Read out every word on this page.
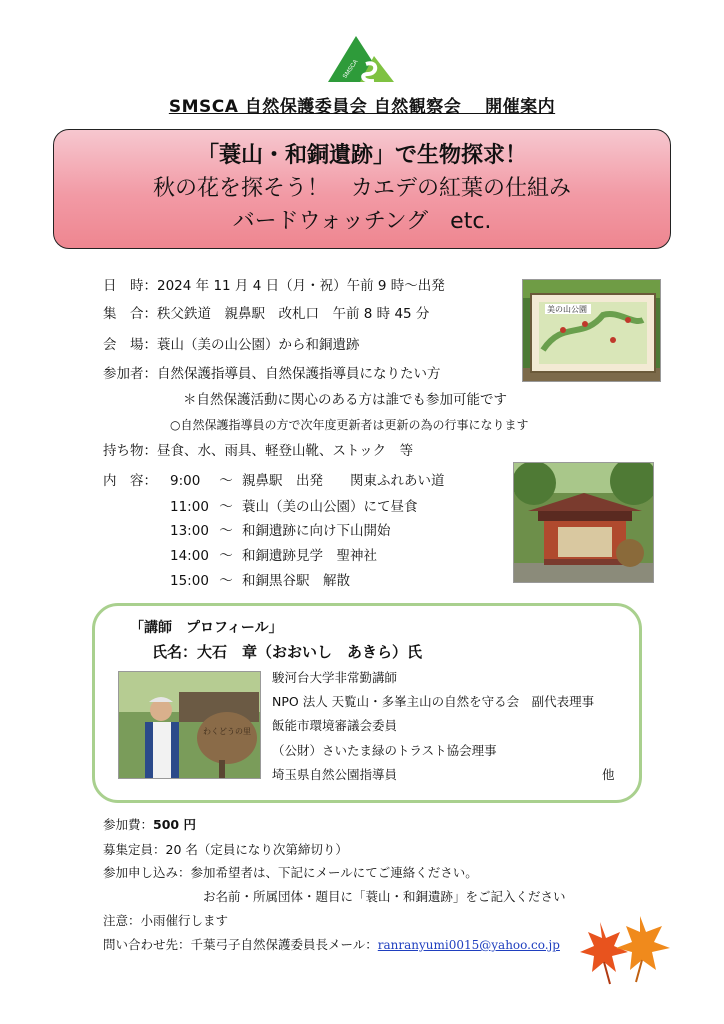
SMSCA
SMSCA 自然保護委員会 自然観察会　 開催案内
「蓑山・和銅遺跡」で生物探求！
秋の花を探そう！　カエデの紅葉の仕組み
バードウォッチング　etc.
日　時：2024 年 11 月 4 日（月・祝）午前 9 時～出発
集　合：秩父鉄道　親鼻駅　改札口　午前 8 時 45 分
会　場：蓑山（美の山公園）から和銅遺跡
参加者：自然保護指導員、自然保護指導員になりたい方
＊自然保護活動に関心のある方は誰でも参加可能です
○自然保護指導員の方で次年度更新者は更新の為の行事になります
持ち物：昼食、水、雨具、軽登山靴、ストック　等
内　容： 9:00 ～ 親鼻駅　出発　　関東ふれあい道
11:00 ～ 蓑山（美の山公園）にて昼食
13:00 ～ 和銅遺跡に向け下山開始
14:00 ～ 和銅遺跡見学　聖神社
15:00 ～ 和銅黒谷駅　解散
美の山公園
「講師　プロフィール」
氏名：大石　章（おおいし　あきら）氏
わくどうの里
駿河台大学非常勤講師
NPO 法人 天覧山・多峯主山の自然を守る会　副代表理事
飯能市環境審議会委員
（公財）さいたま緑のトラスト協会理事
埼玉県自然公園指導員	他
参加費：500 円
募集定員：20 名（定員になり次第締切り）
参加申し込み：参加希望者は、下記にメールにてご連絡ください。
お名前・所属団体・題目に「蓑山・和銅遺跡」をご記入ください
注意：小雨催行します
問い合わせ先：千葉弓子自然保護委員長メール：ranranyumi0015@yahoo.co.jp
